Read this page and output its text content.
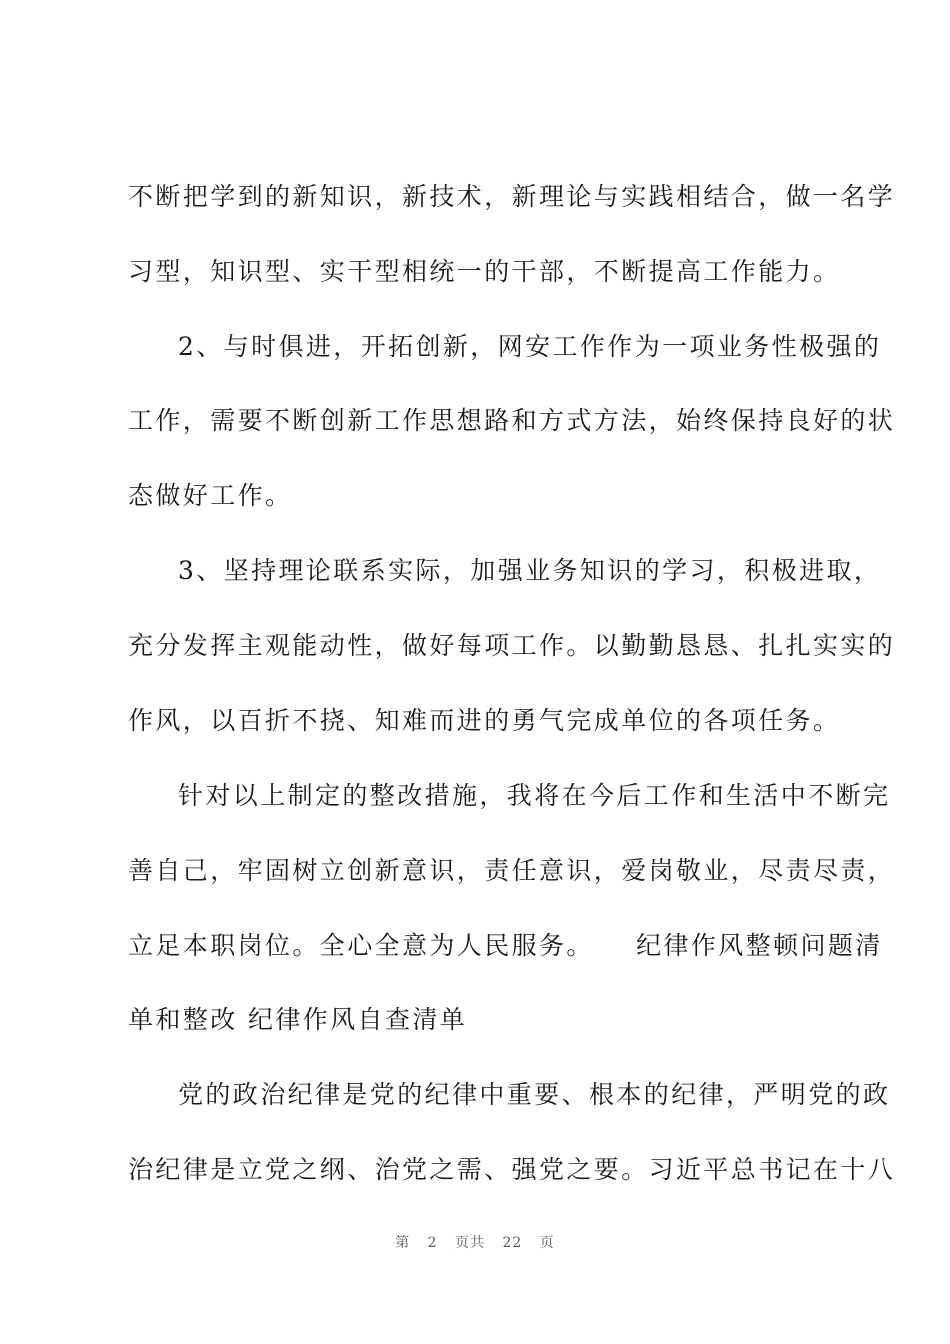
不断把学到的新知识，新技术，新理论与实践相结合，做一名学
习型，知识型、实干型相统一的干部，不断提高工作能力。
2、与时俱进，开拓创新，网安工作作为一项业务性极强的
工作，需要不断创新工作思想路和方式方法，始终保持良好的状
态做好工作。
3、坚持理论联系实际，加强业务知识的学习，积极进取，
充分发挥主观能动性，做好每项工作。以勤勤恳恳、扎扎实实的
作风，以百折不挠、知难而进的勇气完成单位的各项任务。
针对以上制定的整改措施，我将在今后工作和生活中不断完
善自己，牢固树立创新意识，责任意识，爱岗敬业，尽责尽责，
立足本职岗位。全心全意为人民服务。　　纪律作风整顿问题清
单和整改 纪律作风自查清单
党的政治纪律是党的纪律中重要、根本的纪律，严明党的政
治纪律是立党之纲、治党之需、强党之要。习近平总书记在十八
第 2 页共 22 页
